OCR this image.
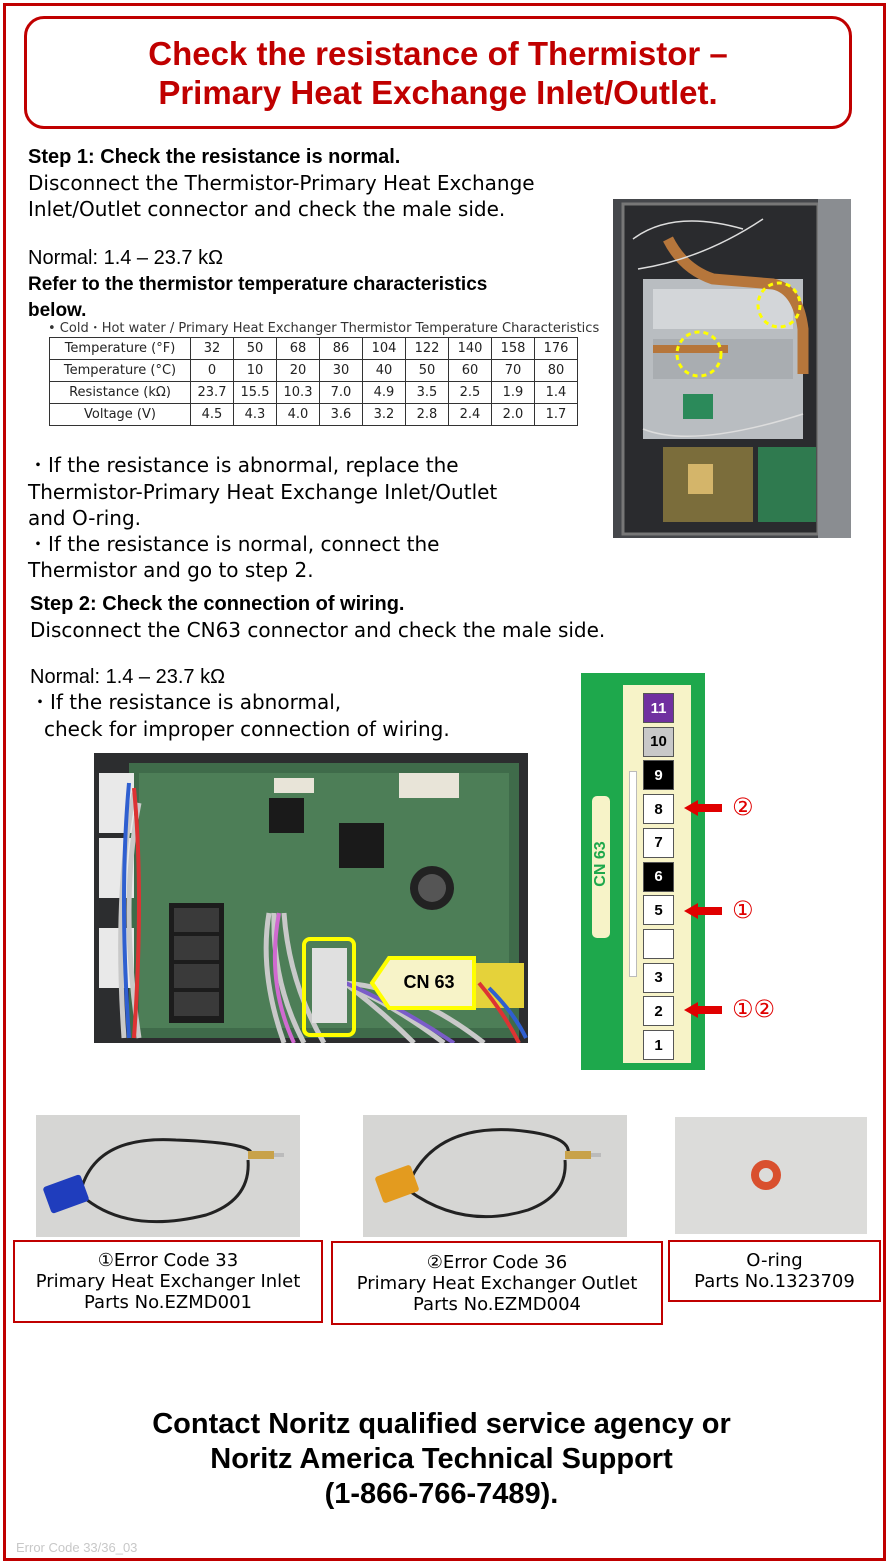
Check the resistance of Thermistor –
Primary Heat Exchange Inlet/Outlet.
Step 1: Check the resistance is normal.
Disconnect the Thermistor-Primary Heat Exchange
Inlet/Outlet connector and check the male side.
Normal: 1.4 – 23.7 kΩ
Refer to the thermistor temperature characteristics
below.
• Cold・Hot water / Primary Heat Exchanger Thermistor Temperature Characteristics
Temperature (°F)	32	50	68	86	104	122	140	158	176
Temperature (°C)	0	10	20	30	40	50	60	70	80
Resistance (kΩ)	23.7	15.5	10.3	7.0	4.9	3.5	2.5	1.9	1.4
Voltage (V)	4.5	4.3	4.0	3.6	3.2	2.8	2.4	2.0	1.7
・If the resistance is abnormal, replace the
Thermistor-Primary Heat Exchange Inlet/Outlet
and O-ring.
・If the resistance is normal, connect the
Thermistor and go to step 2.
Step 2: Check the connection of wiring.
Disconnect the CN63 connector and check the male side.
Normal: 1.4 – 23.7 kΩ
・If the resistance is abnormal,
check for improper connection of wiring.
CN 63
CN 63
11
10
9
8
7
6
5
3
2
1
②
①
①②
①Error Code 33
Primary Heat Exchanger Inlet
Parts No.EZMD001
②Error Code 36
Primary Heat Exchanger Outlet
Parts No.EZMD004
O-ring
Parts No.1323709
Contact Noritz qualified service agency or
Noritz America Technical Support
(1-866-766-7489).
Error Code 33/36_03
